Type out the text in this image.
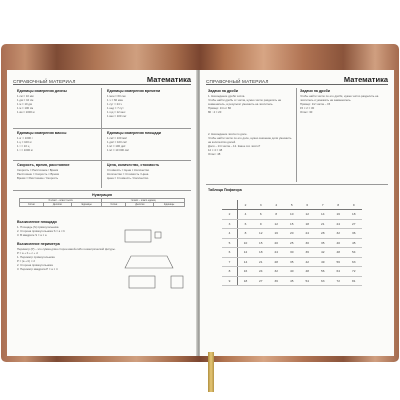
СПРАВОЧНЫЙ МАТЕРИАЛ	Математика
Единицы измерения длины
1 см = 10 мм
1 дм = 10 см
1 м = 10 дм
1 м = 100 см
1 км = 1000 м
Единицы измерения времени
1 мин = 60 сек
1 ч = 60 мин
1 сут = 24 ч
1 нед = 7 сут
1 год = 12 мес
1 век = 100 лет
Единицы измерения массы
1 кг = 1000 г
1 ц = 100 кг
1 т = 10 ц
1 т = 1000 кг
Единицы измерения площади
1 см² = 100 мм²
1 дм² = 100 см²
1 м² = 100 дм²
1 м² = 10 000 см²
Скорость, время, расстояние
Скорость = Расстояние / Время
Расстояние = Скорость × Время
Время = Расстояние / Скорость
Цена, количество, стоимость
Стоимость = Цена × Количество
Количество = Стоимость / Цена
Цена = Стоимость / Количество
Нумерация
II класс – класс тысяч			I класс – класс единиц		
Сотни	Десятки	Единицы	Сотни	Десятки	Единицы
Вычисление площади
1. Площадь (S) прямоугольника
2. Сторона прямоугольника S = a × b
3. В квадрате S = a × a
Вычисление периметра
Периметр (P) – это сумма длин сторон какой-либо геометрической фигуры.
P = a + b + c + d
1. Периметр прямоугольника
P = (a + b) × 2
2. Сторона прямоугольника
3. Периметр квадрата P = a × 4
СПРАВОЧНЫЙ МАТЕРИАЛ	Математика
Задачи на дроби
1. Нахождение дроби числа.
Чтобы найти дробь от числа, нужно число разделить на знаменатель, а результат умножить на числитель.
Пример: 1/4 от 80
80 : 4 = 20
2. Нахождение числа по доле.
Чтобы найти число по его доле, нужно значение доли умножить на количество долей.
Доля – 1/4 числа – 12. Какое это число?
12 × 4 = 48
Ответ: 48
Задачи на дроби
Чтобы найти число по его дроби, нужно число разделить на числитель и умножить на знаменатель.
Пример: 1/2 числа – 15
15 × 2 = 30
Ответ: 30
Таблица Пифагора
	2	3	4	5	6	7	8	9
2	4	6	8	10	12	14	16	18
3	6	9	12	15	18	21	24	27
4	8	12	16	20	24	28	32	36
5	10	15	20	25	30	35	40	45
6	12	18	24	30	36	42	48	54
7	14	21	28	35	42	49	56	63
8	16	24	32	40	48	56	64	72
9	18	27	36	45	54	63	72	81
